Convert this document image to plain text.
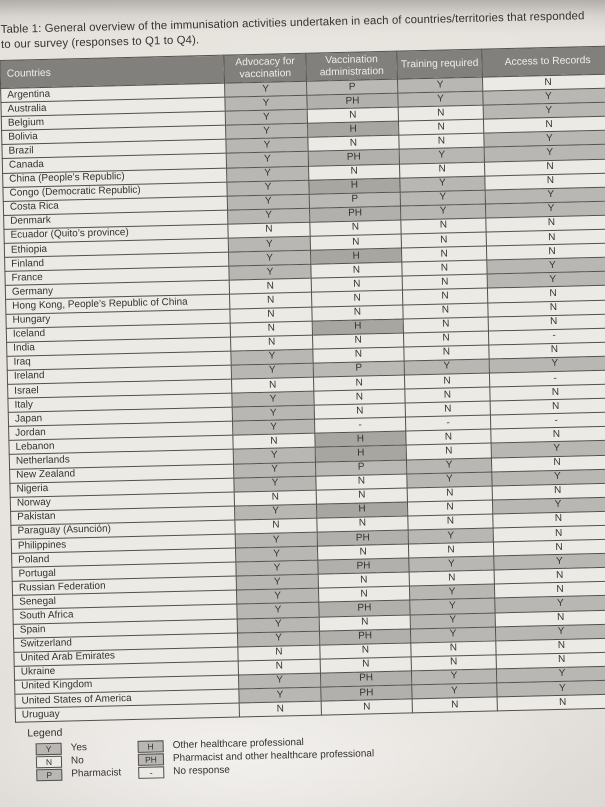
Table 1: General overview of the immunisation activities undertaken in each of countries/territories that responded to our survey (responses to Q1 to Q4).

Countries	Advocacy for vaccination	Vaccination administration	Training required	Access to Records
Argentina	Y	P	Y	N
Australia	Y	PH	Y	Y
Belgium	Y	N	N	Y
Bolivia	Y	H	N	N
Brazil	Y	N	N	Y
Canada	Y	PH	Y	Y
China (People’s Republic)	Y	N	N	N
Congo (Democratic Republic)	Y	H	Y	N
Costa Rica	Y	P	Y	Y
Denmark	Y	PH	Y	Y
Ecuador (Quito’s province)	N	N	N	N
Ethiopia	Y	N	N	N
Finland	Y	H	N	N
France	Y	N	N	Y
Germany	N	N	N	Y
Hong Kong, People’s Republic of China	N	N	N	N
Hungary	N	N	N	N
Iceland	N	H	N	N
India	N	N	N	-
Iraq	Y	N	N	N
Ireland	Y	P	Y	Y
Israel	N	N	N	-
Italy	Y	N	N	N
Japan	Y	N	N	N
Jordan	Y	-	-	-
Lebanon	N	H	N	N
Netherlands	Y	H	N	Y
New Zealand	Y	P	Y	N
Nigeria	Y	N	Y	Y
Norway	N	N	N	N
Pakistan	Y	H	N	Y
Paraguay (Asunción)	N	N	N	N
Philippines	Y	PH	Y	N
Poland	Y	N	N	N
Portugal	Y	PH	Y	Y
Russian Federation	Y	N	N	N
Senegal	Y	N	Y	N
South Africa	Y	PH	Y	Y
Spain	Y	N	Y	N
Switzerland	Y	PH	Y	Y
United Arab Emirates	N	N	N	N
Ukraine	N	N	N	N
United Kingdom	Y	PH	Y	Y
United States of America	Y	PH	Y	Y
Uruguay	N	N	N	N
Legend
Y	Yes
N	No
P	Pharmacist
H	Other healthcare professional
PH	Pharmacist and other healthcare professional
-	No response
